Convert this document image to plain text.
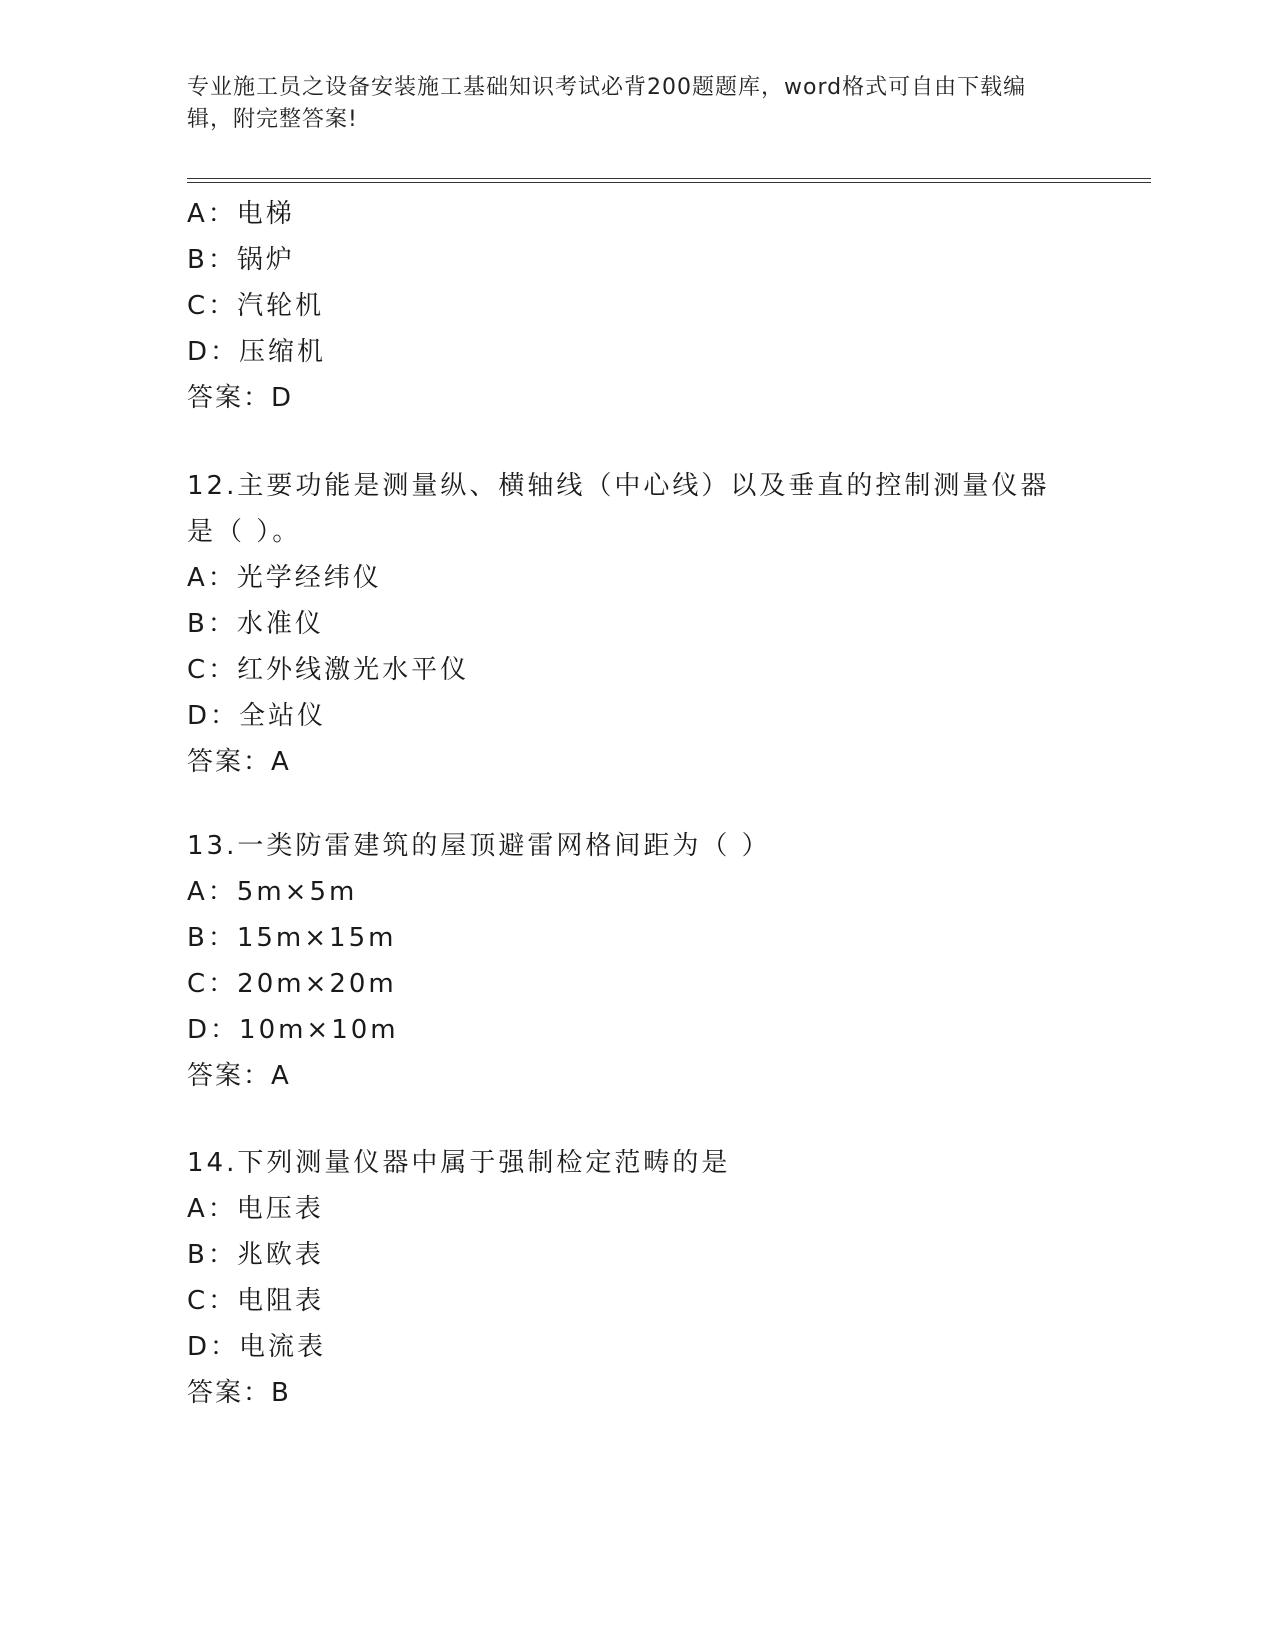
专业施工员之设备安装施工基础知识考试必背200题题库，word格式可自由下载编辑，附完整答案!
A：电梯
B：锅炉
C：汽轮机
D：压缩机
答案：D
12.主要功能是测量纵、横轴线（中心线）以及垂直的控制测量仪器是（ ）。
A：光学经纬仪
B：水准仪
C：红外线激光水平仪
D：全站仪
答案：A
13.一类防雷建筑的屋顶避雷网格间距为（ ）
A：5m×5m
B：15m×15m
C：20m×20m
D：10m×10m
答案：A
14.下列测量仪器中属于强制检定范畴的是
A：电压表
B：兆欧表
C：电阻表
D：电流表
答案：B
